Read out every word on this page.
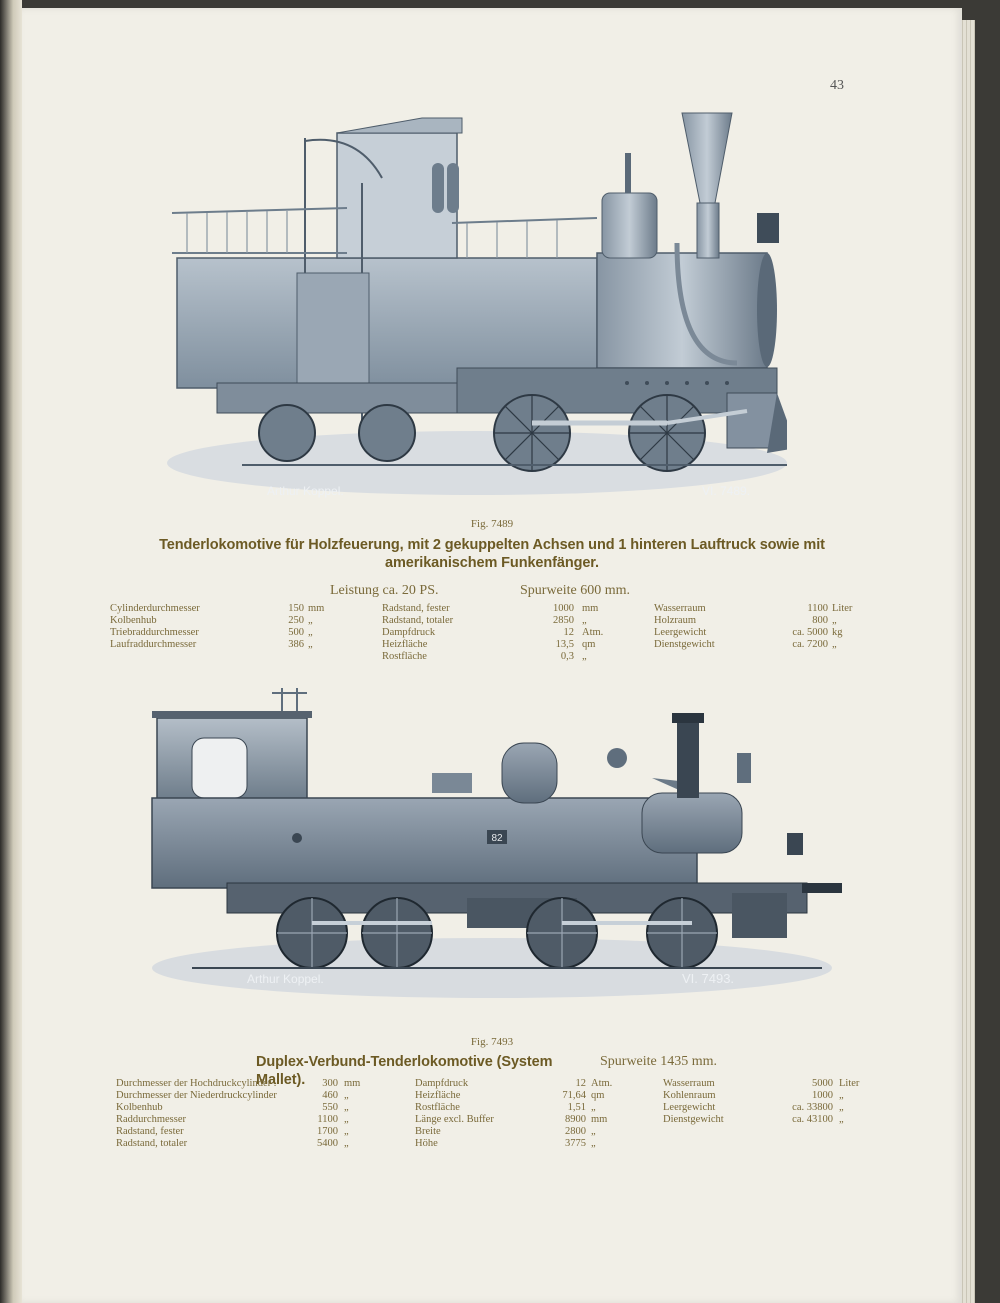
43
Arthur Koppel.	VI. 7489.
Fig. 7489
Tenderlokomotive für Holzfeuerung, mit 2 gekuppelten Achsen und 1 hinteren Lauftruck sowie mit
amerikanischem Funkenfänger.
Leistung ca. 20 PS.	Spurweite 600 mm.
Cylinderdurchmesser	150 mm
Kolbenhub	250 „
Triebraddurchmesser	500 „
Laufraddurchmesser	386 „
Radstand, fester	1000 mm
Radstand, totaler	2850 „
Dampfdruck	12 Atm.
Heizfläche	13,5 qm
Rostfläche	0,3 „
Wasserraum	1100 Liter
Holzraum	800 „
Leergewicht	ca. 5000 kg
Dienstgewicht	ca. 7200 „
82
Arthur Koppel.	VI. 7493.
Fig. 7493
Duplex-Verbund-Tenderlokomotive (System Mallet).
Spurweite 1435 mm.
Durchmesser der Hochdruckcylinder .	300 mm
Durchmesser der Niederdruckcylinder	460 „
Kolbenhub	550 „
Raddurchmesser	1100 „
Radstand, fester	1700 „
Radstand, totaler	5400 „
Dampfdruck	12 Atm.
Heizfläche	71,64 qm
Rostfläche	1,51 „
Länge excl. Buffer	8900 mm
Breite	2800 „
Höhe	3775 „
Wasserraum	5000 Liter
Kohlenraum	1000 „
Leergewicht	ca. 33800 „
Dienstgewicht	ca. 43100 „
